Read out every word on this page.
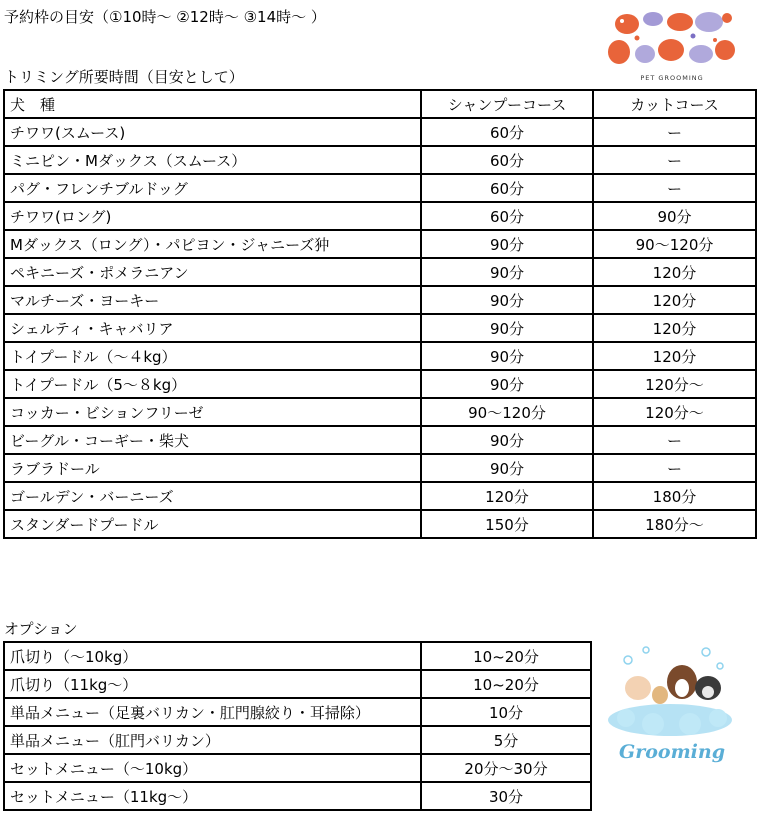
予約枠の目安（①10時～ ②12時～ ③14時～ ）
PET GROOMING
トリミング所要時間（目安として）
犬　種	シャンプーコース	カットコース
チワワ(スムース)	60分	ー
ミニピン・Mダックス（スムース）	60分	ー
パグ・フレンチブルドッグ	60分	ー
チワワ(ロング)	60分	90分
Mダックス（ロング）・パピヨン・ジャニーズ狆	90分	90～120分
ペキニーズ・ポメラニアン	90分	120分
マルチーズ・ヨーキー	90分	120分
シェルティ・キャバリア	90分	120分
トイプードル（～４kg）	90分	120分
トイプードル（5～８kg）	90分	120分～
コッカー・ビションフリーゼ	90～120分	120分～
ビーグル・コーギー・柴犬	90分	ー
ラブラドール	90分	ー
ゴールデン・バーニーズ	120分	180分
スタンダードプードル	150分	180分～
オプション
爪切り（～10kg）	10~20分
爪切り（11kg～）	10~20分
単品メニュー（足裏バリカン・肛門腺絞り・耳掃除）	10分
単品メニュー（肛門バリカン）	5分
セットメニュー（～10kg）	20分～30分
セットメニュー（11kg～）	30分
Grooming
